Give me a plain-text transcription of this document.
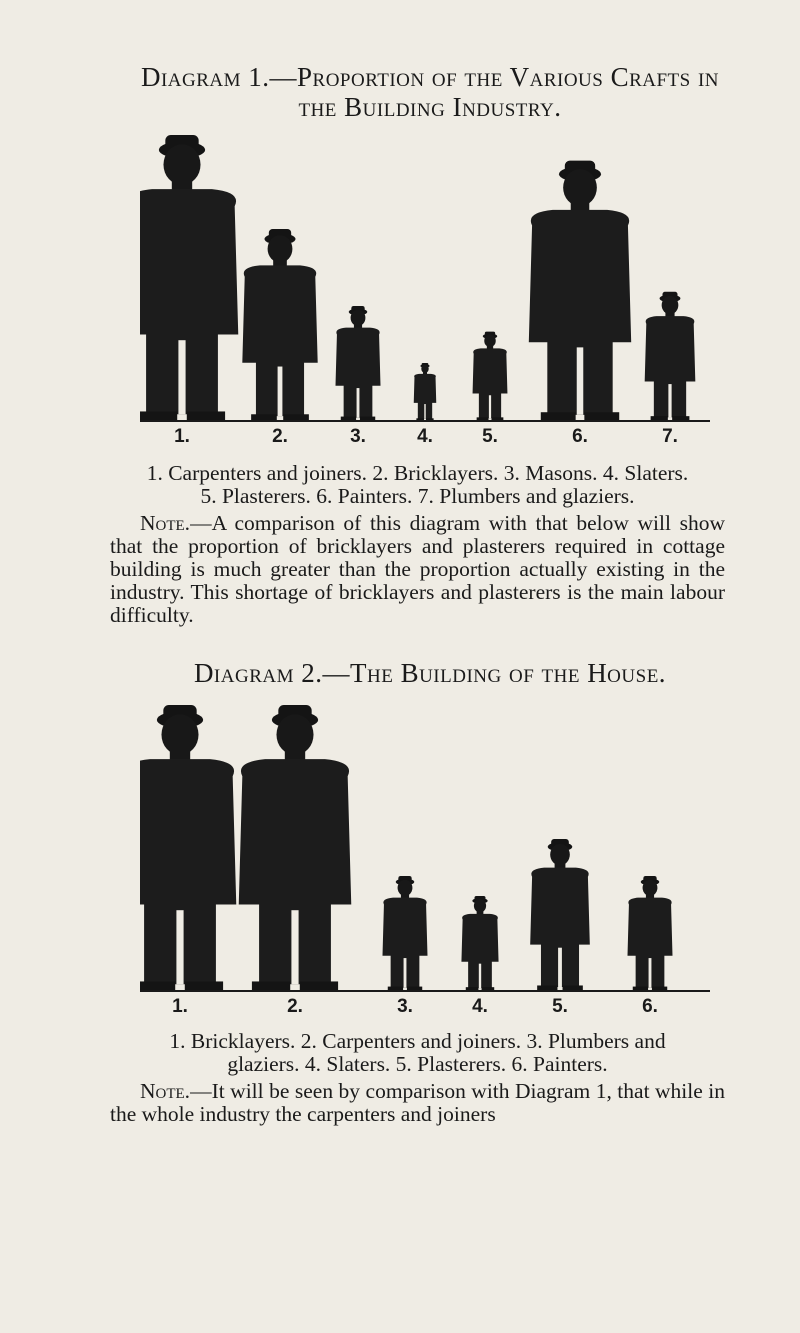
Diagram 1.—Proportion of the Various Crafts in
the Building Industry.
1.	2.	3.	4.	5.	6.	7.
1. Carpenters and joiners. 2. Bricklayers. 3. Masons. 4. Slaters.
5. Plasterers. 6. Painters. 7. Plumbers and glaziers.
Note.—A comparison of this diagram with that below will show that the proportion of bricklayers and plasterers required in cottage building is much greater than the proportion actually existing in the industry. This shortage of bricklayers and plasterers is the main labour difficulty.
Diagram 2.—The Building of the House.
1.	2.	3.	4.	5.	6.
1. Bricklayers. 2. Carpenters and joiners. 3. Plumbers and
glaziers. 4. Slaters. 5. Plasterers. 6. Painters.
Note.—It will be seen by comparison with Diagram 1, that while in the whole industry the carpenters and joiners
